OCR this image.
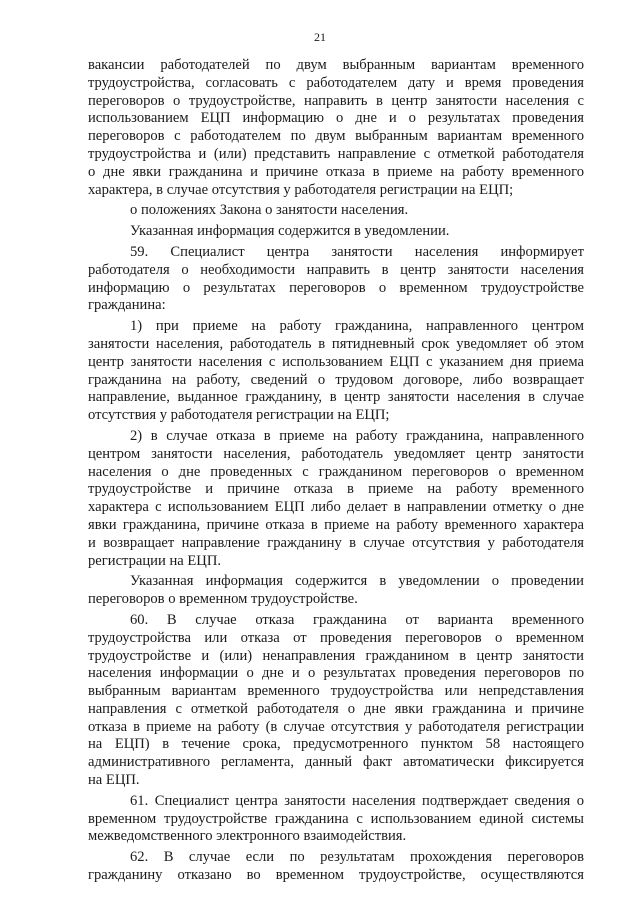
21
вакансии работодателей по двум выбранным вариантам временного
трудоустройства, согласовать с работодателем дату и время проведения
переговоров о трудоустройстве, направить в центр занятости населения с
использованием ЕЦП информацию о дне и о результатах проведения
переговоров с работодателем по двум выбранным вариантам временного
трудоустройства и (или) представить направление с отметкой работодателя
о дне явки гражданина и причине отказа в приеме на работу временного
характера, в случае отсутствия у работодателя регистрации на ЕЦП;
о положениях Закона о занятости населения.
Указанная информация содержится в уведомлении.
59. Специалист центра занятости населения информирует
работодателя о необходимости направить в центр занятости населения
информацию о результатах переговоров о временном трудоустройстве
гражданина:
1) при приеме на работу гражданина, направленного центром
занятости населения, работодатель в пятидневный срок уведомляет об этом
центр занятости населения с использованием ЕЦП с указанием дня приема
гражданина на работу, сведений о трудовом договоре, либо возвращает
направление, выданное гражданину, в центр занятости населения в случае
отсутствия у работодателя регистрации на ЕЦП;
2) в случае отказа в приеме на работу гражданина, направленного
центром занятости населения, работодатель уведомляет центр занятости
населения о дне проведенных с гражданином переговоров о временном
трудоустройстве и причине отказа в приеме на работу временного
характера с использованием ЕЦП либо делает в направлении отметку о дне
явки гражданина, причине отказа в приеме на работу временного характера
и возвращает направление гражданину в случае отсутствия у работодателя
регистрации на ЕЦП.
Указанная информация содержится в уведомлении о проведении
переговоров о временном трудоустройстве.
60. В случае отказа гражданина от варианта временного
трудоустройства или отказа от проведения переговоров о временном
трудоустройстве и (или) ненаправления гражданином в центр занятости
населения информации о дне и о результатах проведения переговоров по
выбранным вариантам временного трудоустройства или непредставления
направления с отметкой работодателя о дне явки гражданина и причине
отказа в приеме на работу (в случае отсутствия у работодателя регистрации
на ЕЦП) в течение срока, предусмотренного пунктом 58 настоящего
административного регламента, данный факт автоматически фиксируется
на ЕЦП.
61. Специалист центра занятости населения подтверждает сведения о
временном трудоустройстве гражданина с использованием единой системы
межведомственного электронного взаимодействия.
62. В случае если по результатам прохождения переговоров
гражданину отказано во временном трудоустройстве, осуществляются
